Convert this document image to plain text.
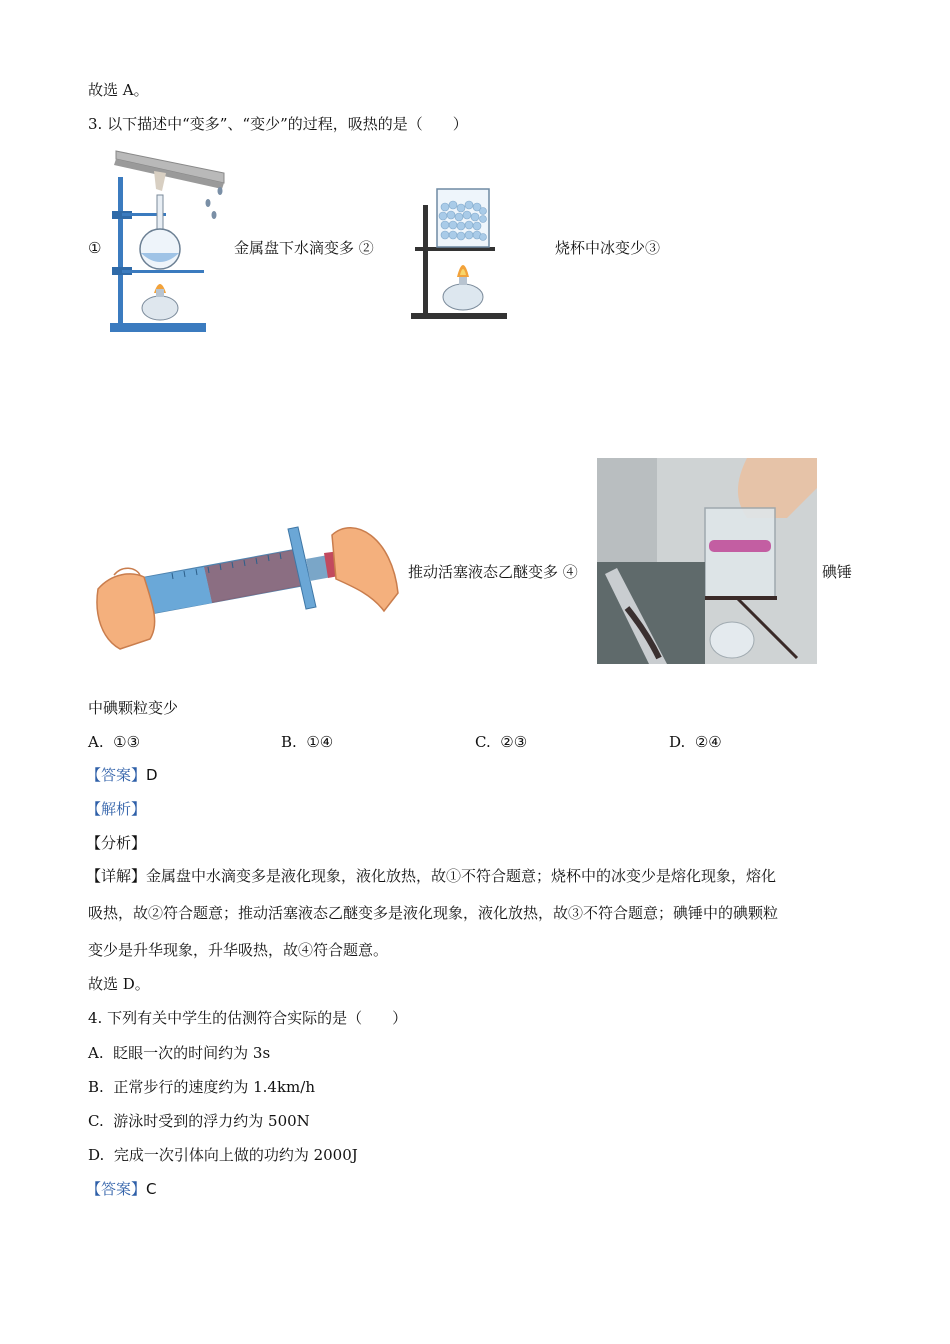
故选 A。
3. 以下描述中“变多”、“变少”的过程，吸热的是（　　）
①	金属盘下水滴变多 ②	烧杯中冰变少③
推动活塞液态乙醚变多 ④	碘锤
中碘颗粒变少
A. ①③	B. ①④	C. ②③	D. ②④
【答案】D
【解析】
【分析】
【详解】金属盘中水滴变多是液化现象，液化放热，故①不符合题意；烧杯中的冰变少是熔化现象，熔化
吸热，故②符合题意；推动活塞液态乙醚变多是液化现象，液化放热，故③不符合题意；碘锤中的碘颗粒
变少是升华现象，升华吸热，故④符合题意。
故选 D。
4. 下列有关中学生的估测符合实际的是（　　）
A. 眨眼一次的时间约为 3s
B. 正常步行的速度约为 1.4km/h
C. 游泳时受到的浮力约为 500N
D. 完成一次引体向上做的功约为 2000J
【答案】C
